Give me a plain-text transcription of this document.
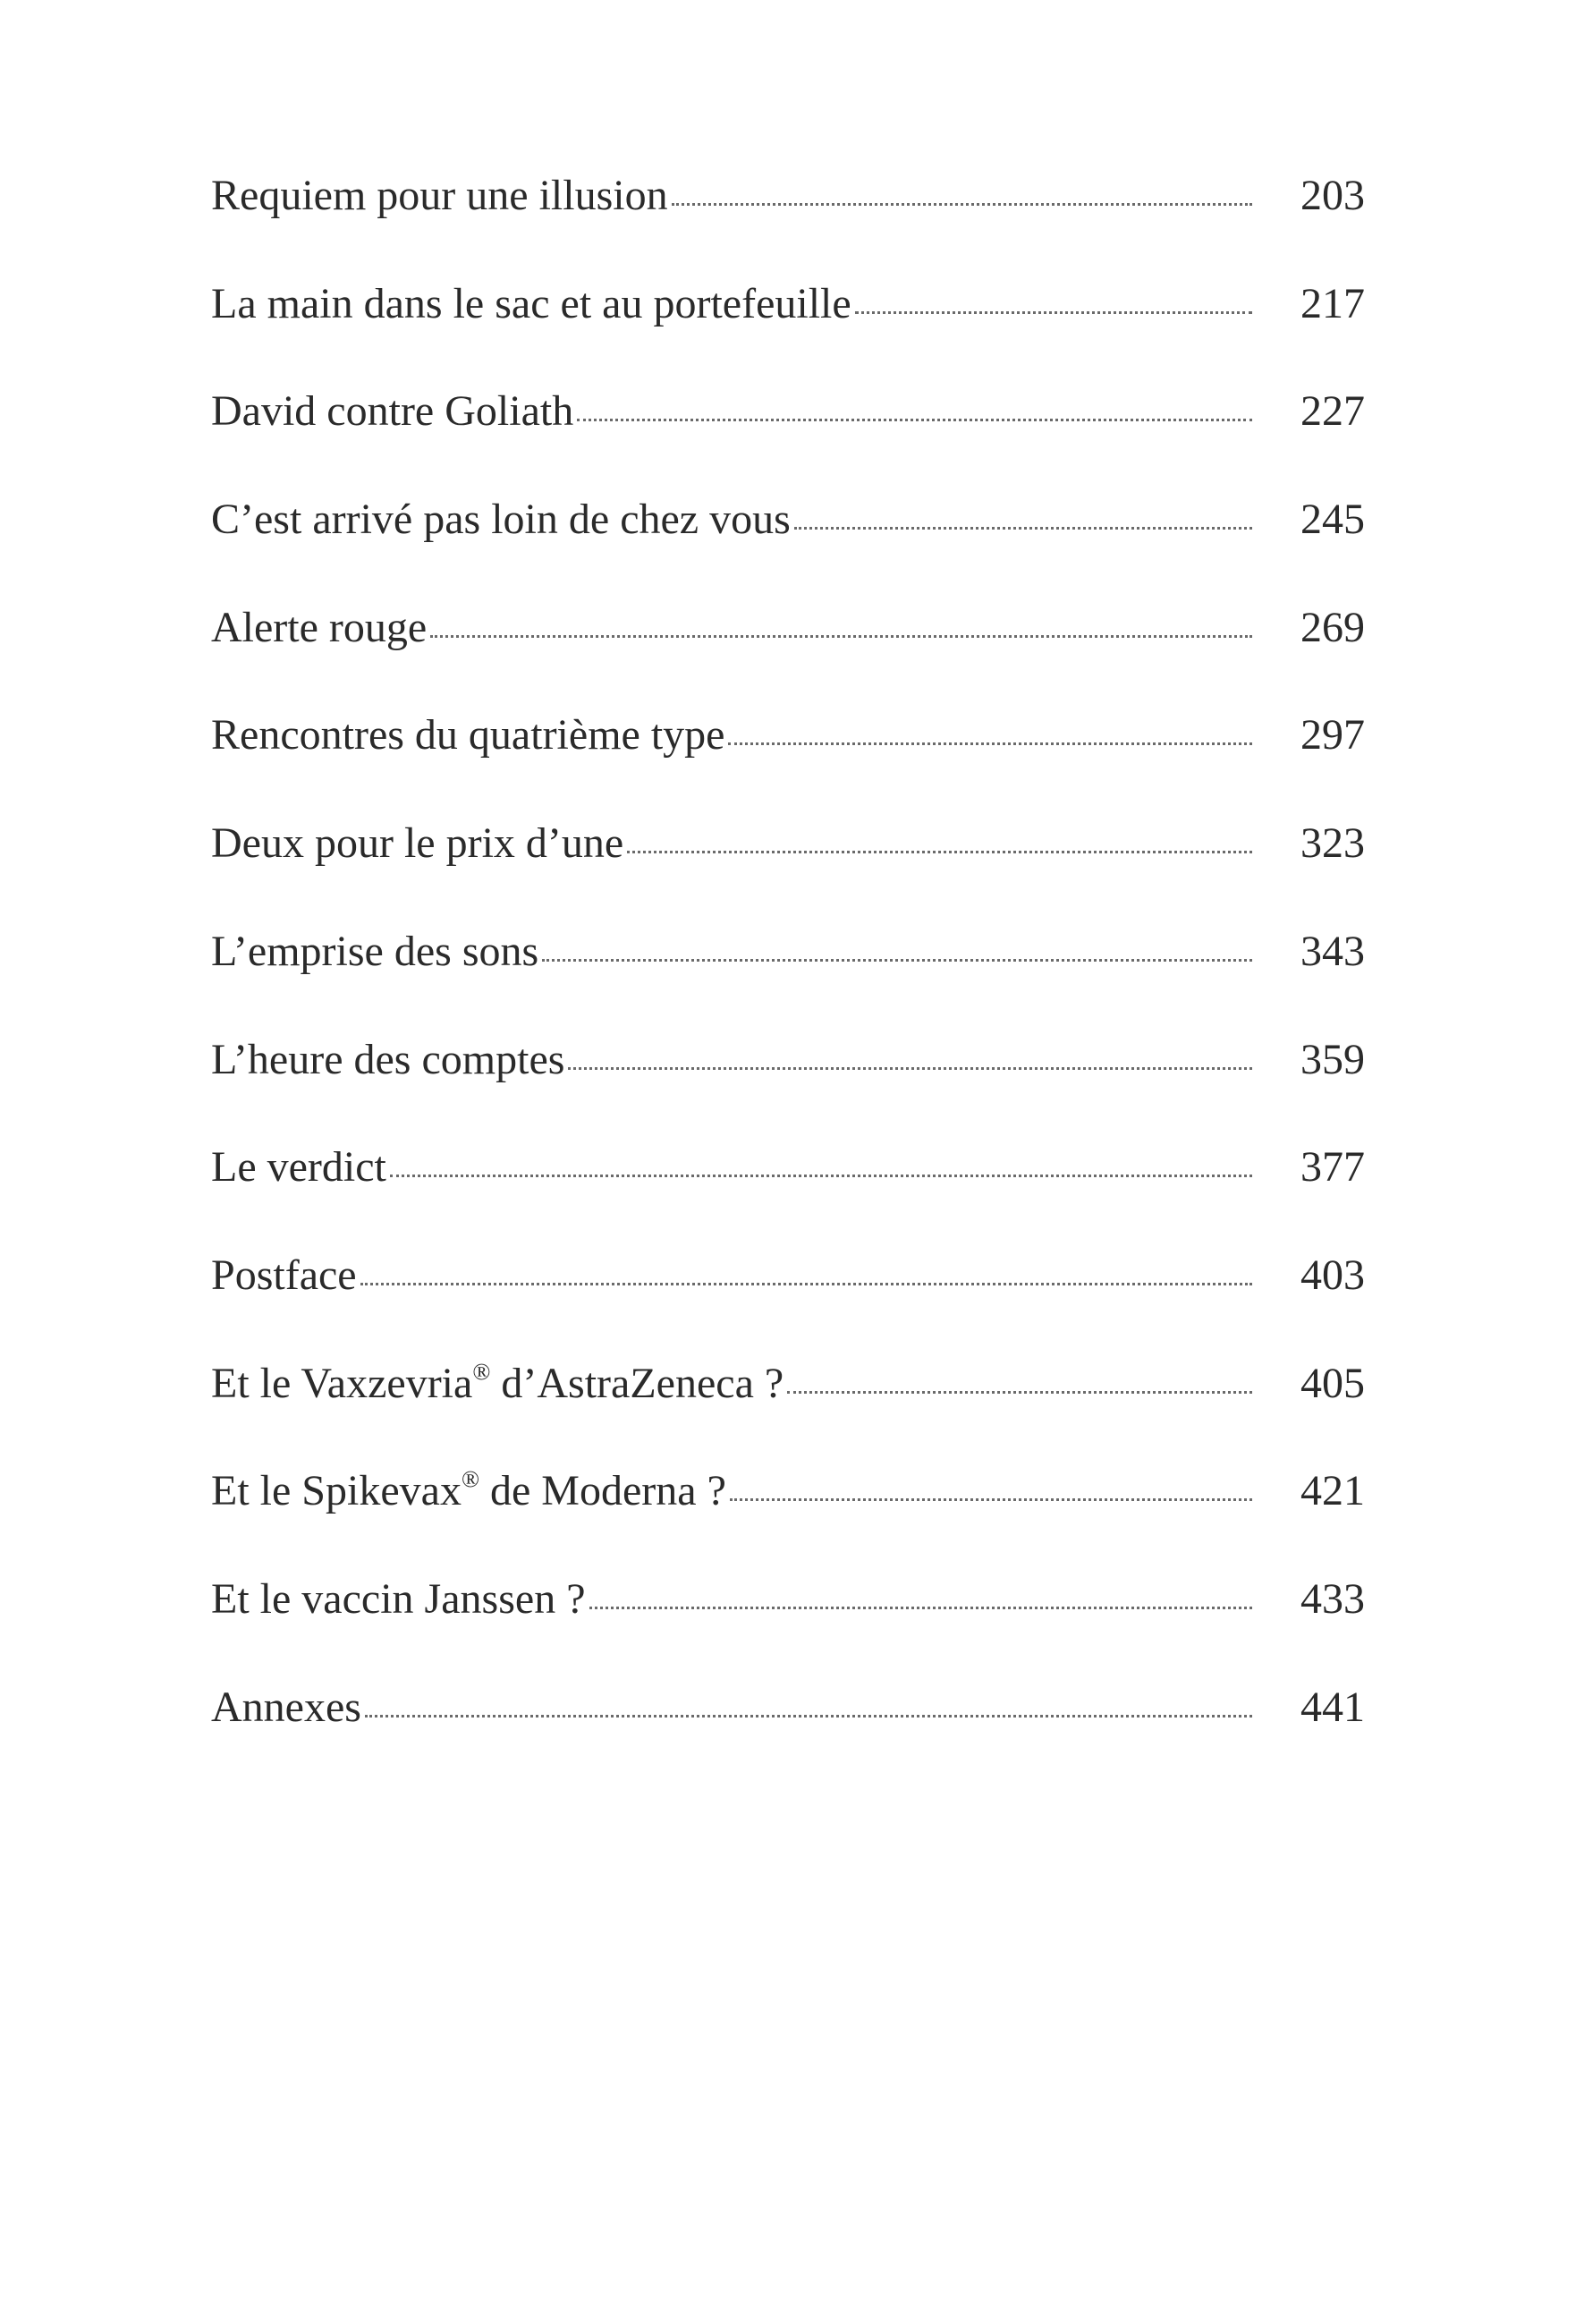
Requiem pour une illusion	203
La main dans le sac et au portefeuille	217
David contre Goliath	227
C’est arrivé pas loin de chez vous	245
Alerte rouge	269
Rencontres du quatrième type	297
Deux pour le prix d’une	323
L’emprise des sons	343
L’heure des comptes	359
Le verdict	377
Postface	403
Et le Vaxzevria® d’AstraZeneca ?	405
Et le Spikevax® de Moderna ?	421
Et le vaccin Janssen ?	433
Annexes	441
